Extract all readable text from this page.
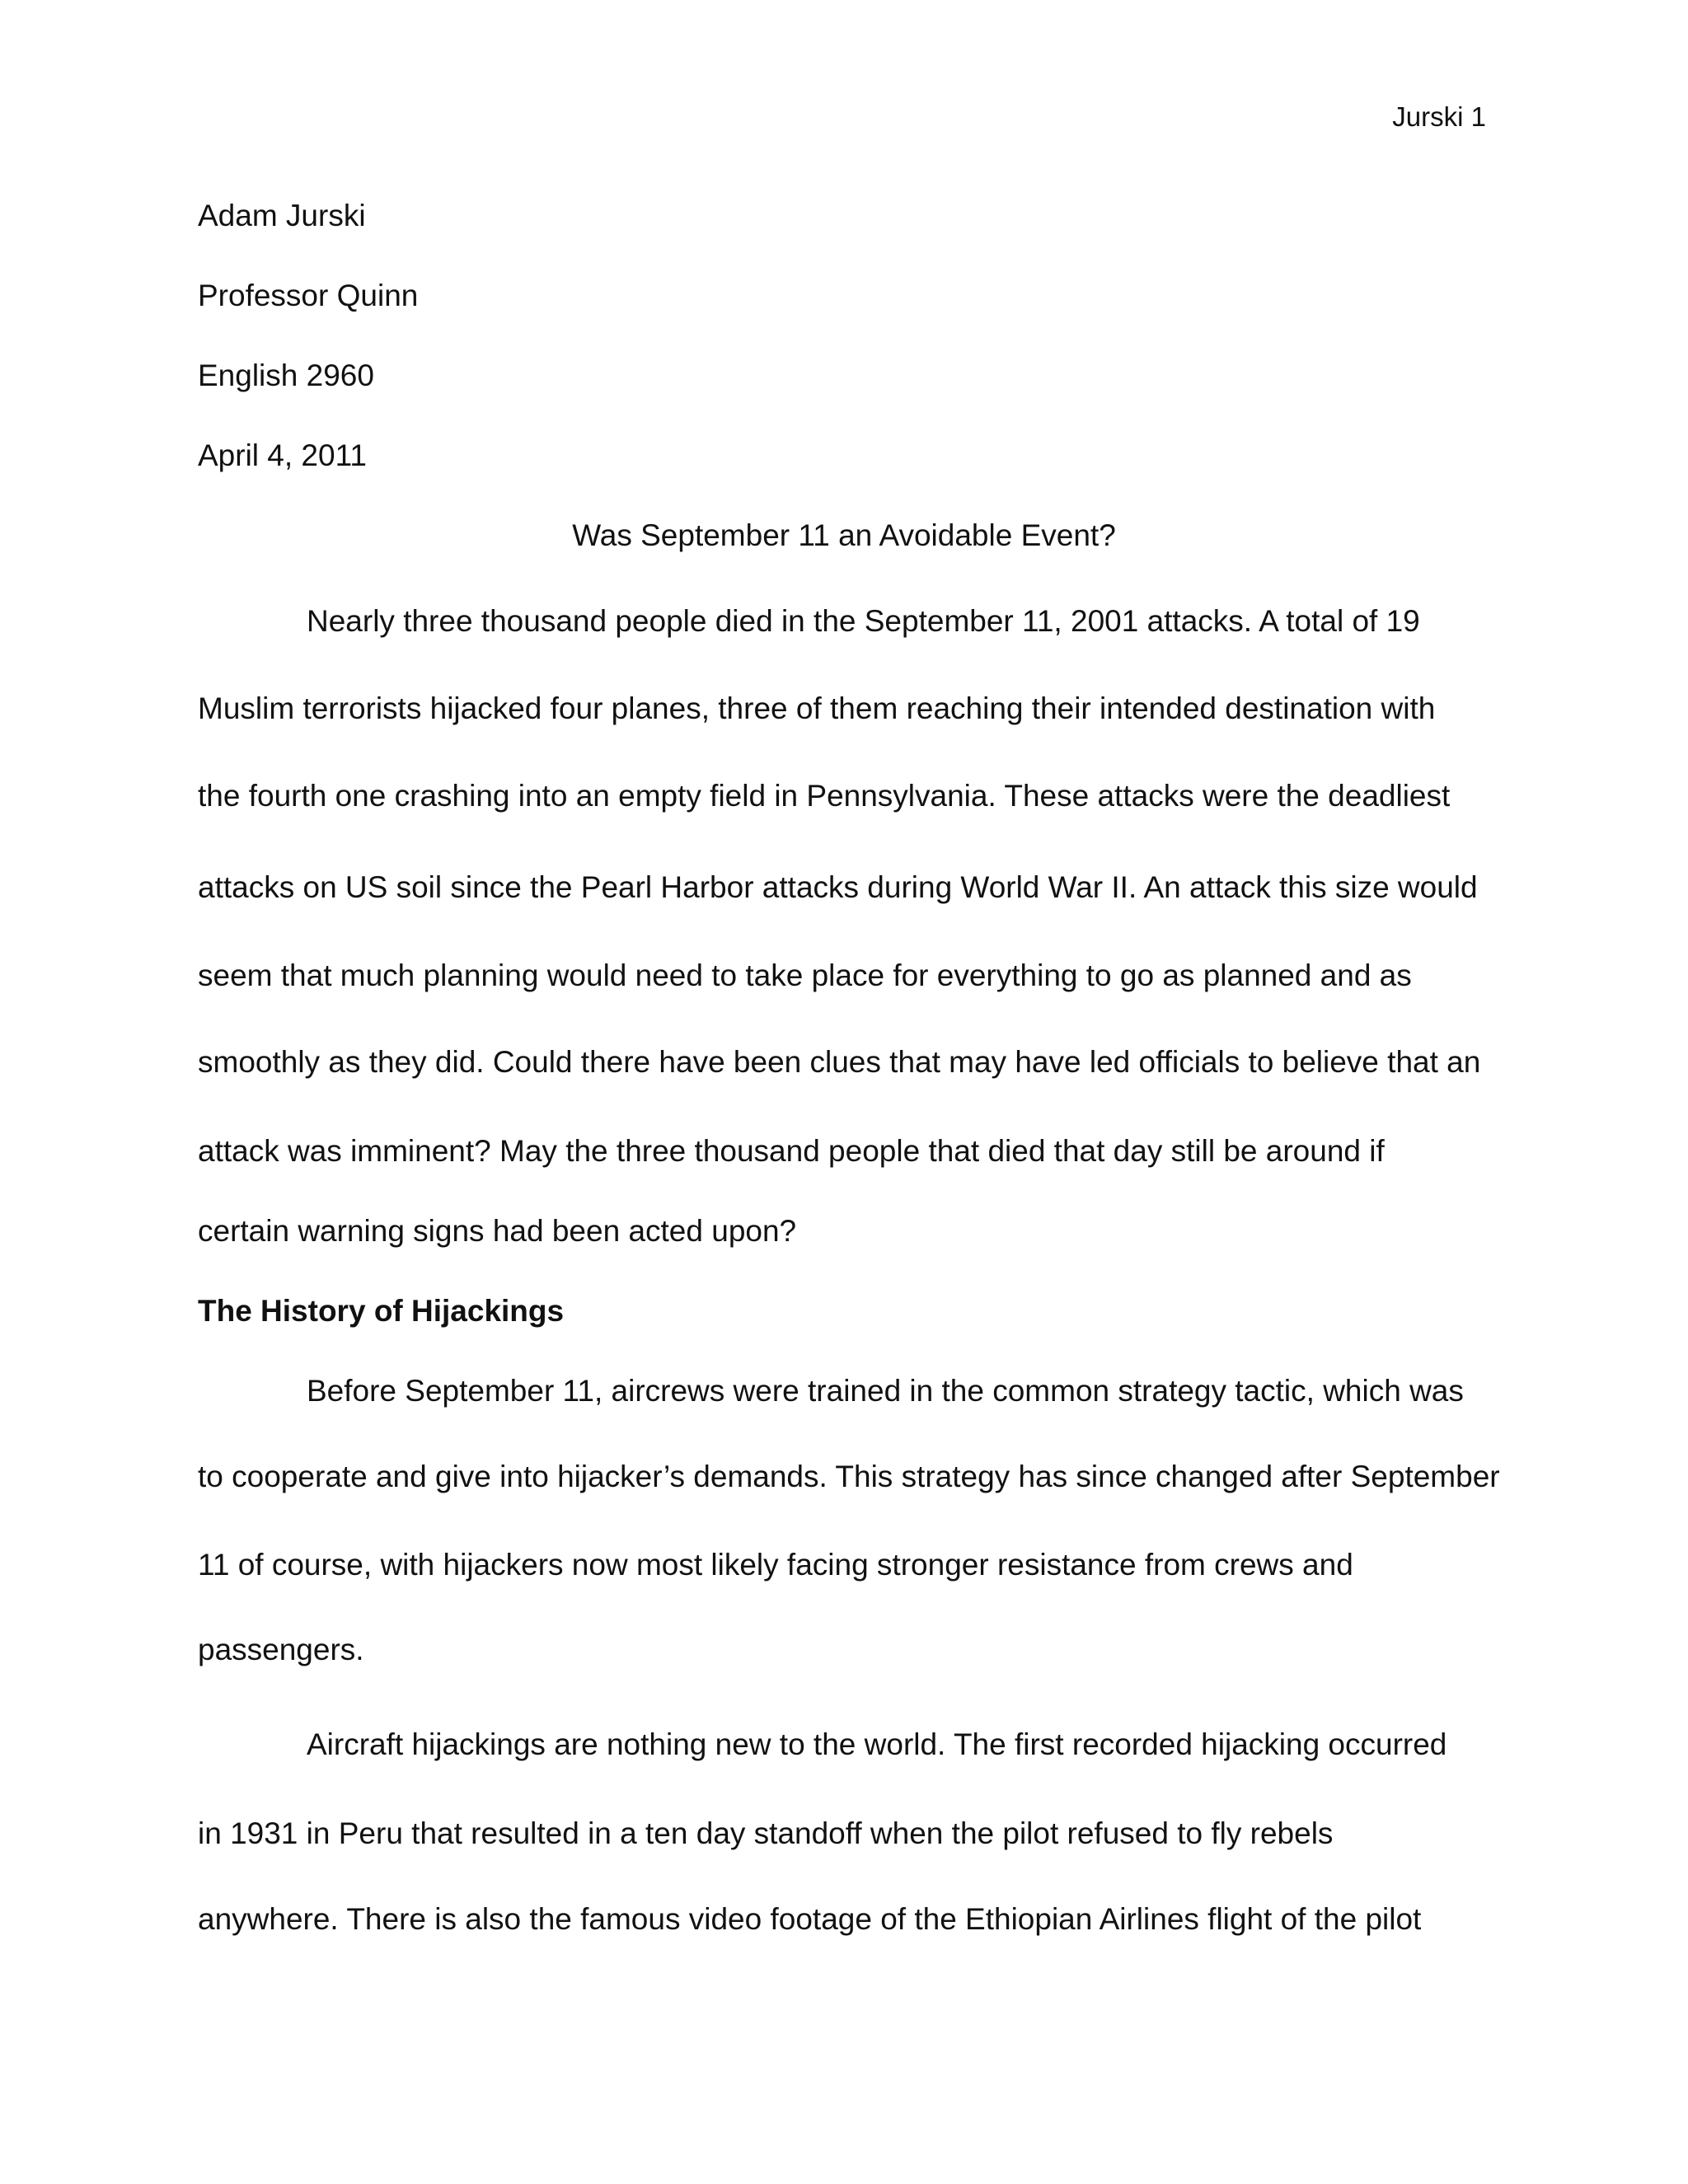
Jurski 1
Adam Jurski
Professor Quinn
English 2960
April 4, 2011
Was September 11 an Avoidable Event?
Nearly three thousand people died in the September 11, 2001 attacks. A total of 19
Muslim terrorists hijacked four planes, three of them reaching their intended destination with
the fourth one crashing into an empty field in Pennsylvania. These attacks were the deadliest
attacks on US soil since the Pearl Harbor attacks during World War II. An attack this size would
seem that much planning would need to take place for everything to go as planned and as
smoothly as they did. Could there have been clues that may have led officials to believe that an
attack was imminent? May the three thousand people that died that day still be around if
certain warning signs had been acted upon?
The History of Hijackings
Before September 11, aircrews were trained in the common strategy tactic, which was
to cooperate and give into hijacker’s demands. This strategy has since changed after September
11 of course, with hijackers now most likely facing stronger resistance from crews and
passengers.
Aircraft hijackings are nothing new to the world. The first recorded hijacking occurred
in 1931 in Peru that resulted in a ten day standoff when the pilot refused to fly rebels
anywhere. There is also the famous video footage of the Ethiopian Airlines flight of the pilot
